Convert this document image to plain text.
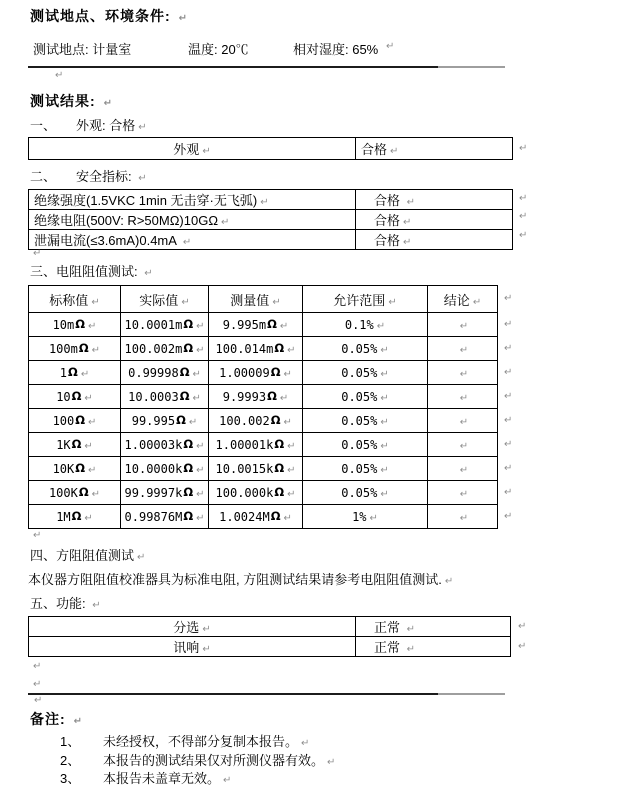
测试地点、环境条件: ↵
测试地点: 计量室	温度: 20℃	相对湿度: 65% ↵
↵
测试结果: ↵
一、 外观: 合格 ↵
外观 ↵	合格 ↵	↵
二、 安全指标: ↵
绝缘强度(1.5VKC 1min 无击穿·无飞弧) ↵	合格 ↵
绝缘电阻(500V: R>50MΩ)10GΩ ↵	合格 ↵
泄漏电流(≤3.6mA)0.4mA ↵	合格 ↵
↵
↵
↵
↵
三、电阻阻值测试: ↵
标称值 ↵	实际值 ↵	测量值 ↵	允许范围 ↵	结论 ↵
10mΩ ↵	10.0001mΩ ↵	9.995mΩ ↵	0.1% ↵	↵
100mΩ ↵	100.002mΩ ↵	100.014mΩ ↵	0.05% ↵	↵
1Ω ↵	0.99998Ω ↵	1.00009Ω ↵	0.05% ↵	↵
10Ω ↵	10.0003Ω ↵	9.9993Ω ↵	0.05% ↵	↵
100Ω ↵	99.995Ω ↵	100.002Ω ↵	0.05% ↵	↵
1KΩ ↵	1.00003kΩ ↵	1.00001kΩ ↵	0.05% ↵	↵
10KΩ ↵	10.0000kΩ ↵	10.0015kΩ ↵	0.05% ↵	↵
100KΩ ↵	99.9997kΩ ↵	100.000kΩ ↵	0.05% ↵	↵
1MΩ ↵	0.99876MΩ ↵	1.0024MΩ ↵	1% ↵	↵
↵
↵
↵
↵
↵
↵
↵
↵
↵
↵
↵
四、方阻阻值测试 ↵
本仪器方阻阻值校准器具为标准电阻, 方阻测试结果请参考电阻阻值测试. ↵
五、功能: ↵
分选 ↵	正常 ↵
讯响 ↵	正常 ↵
↵
↵
↵
↵
↵
备注: ↵
1、 未经授权，不得部分复制本报告。 ↵
2、 本报告的测试结果仅对所测仪器有效。 ↵
3、 本报告未盖章无效。 ↵
